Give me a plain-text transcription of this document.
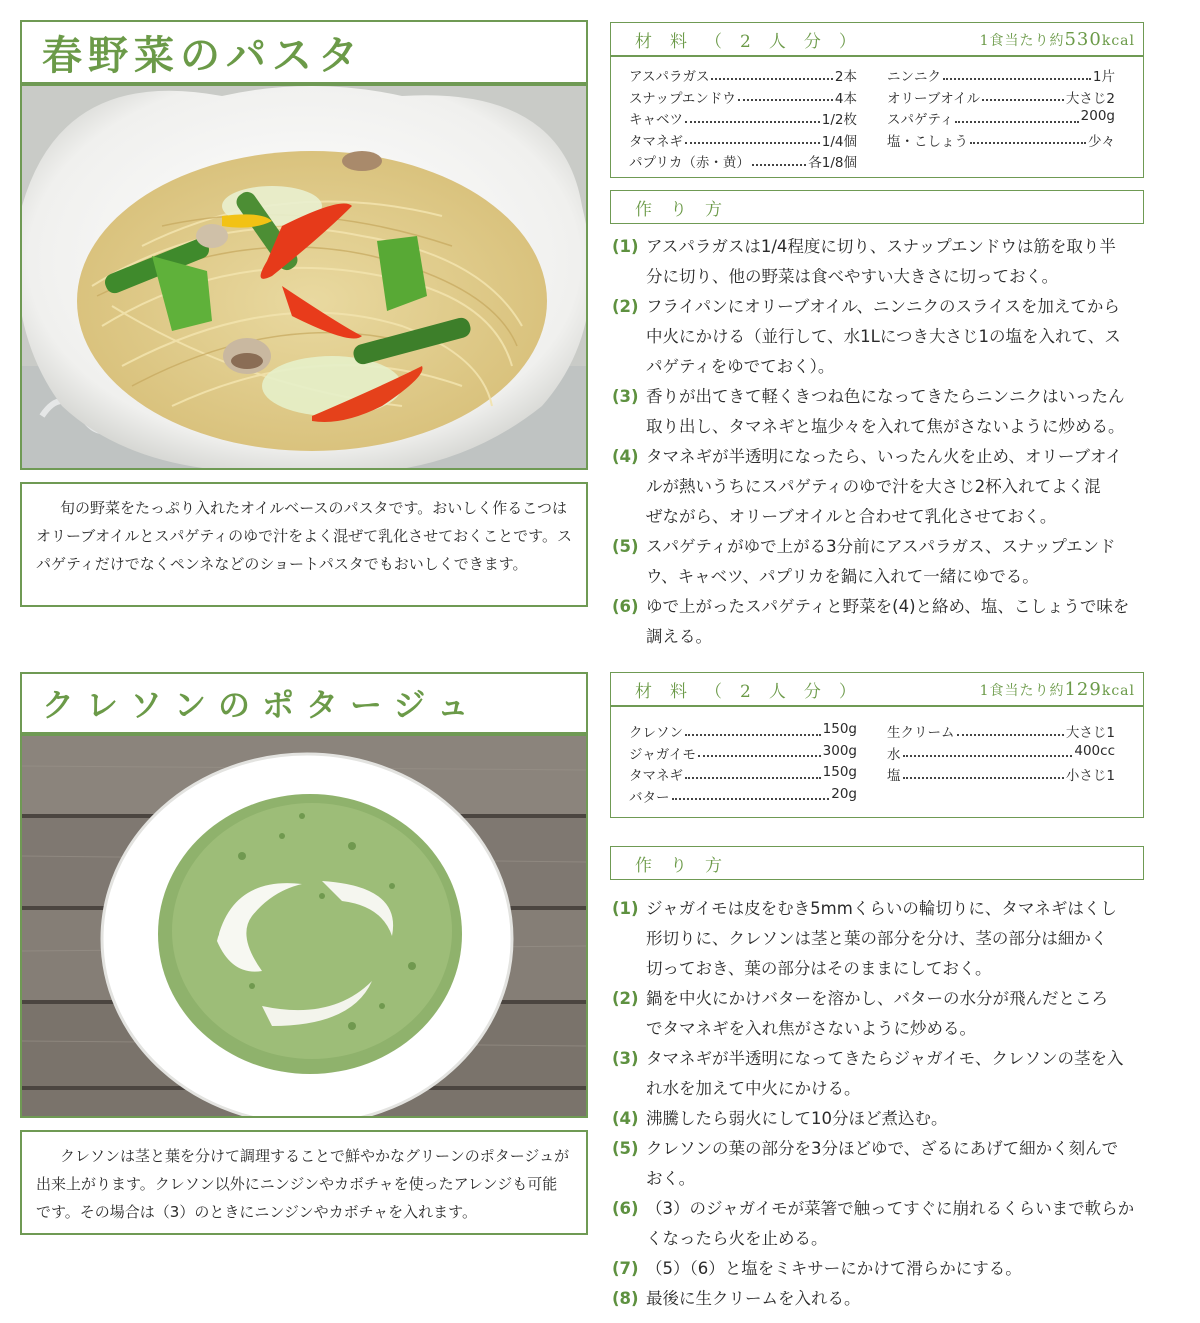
春野菜のパスタ

旬の野菜をたっぷり入れたオイルベースのパスタです。おいしく作るこつはオリーブオイルとスパゲティのゆで汁をよく混ぜて乳化させておくことです。スパゲティだけでなくペンネなどのショートパスタでもおいしくできます。

材料（2人分）	1食当たり約530kcal
アスパラガス	2本
スナップエンドウ	4本
キャベツ	1/2枚
タマネギ	1/4個
パプリカ（赤・黄）	各1/8個
ニンニク	1片
オリーブオイル	大さじ2
スパゲティ	200g
塩・こしょう	少々
作り方
(1) アスパラガスは1/4程度に切り、スナップエンドウは筋を取り半
分に切り、他の野菜は食べやすい大きさに切っておく。
(2) フライパンにオリーブオイル、ニンニクのスライスを加えてから
中火にかける（並行して、水1Lにつき大さじ1の塩を入れて、ス
パゲティをゆでておく）。
(3) 香りが出てきて軽くきつね色になってきたらニンニクはいったん
取り出し、タマネギと塩少々を入れて焦がさないように炒める。
(4) タマネギが半透明になったら、いったん火を止め、オリーブオイ
ルが熱いうちにスパゲティのゆで汁を大さじ2杯入れてよく混
ぜながら、オリーブオイルと合わせて乳化させておく。
(5) スパゲティがゆで上がる3分前にアスパラガス、スナップエンド
ウ、キャベツ、パプリカを鍋に入れて一緒にゆでる。
(6) ゆで上がったスパゲティと野菜を(4)と絡め、塩、こしょうで味を
調える。
クレソンのポタージュ

クレソンは茎と葉を分けて調理することで鮮やかなグリーンのポタージュが出来上がります。クレソン以外にニンジンやカボチャを使ったアレンジも可能です。その場合は（3）のときにニンジンやカボチャを入れます。

材料（2人分）	1食当たり約129kcal
クレソン	150g
ジャガイモ	300g
タマネギ	150g
バター	20g
生クリーム	大さじ1
水	400cc
塩	小さじ1
作り方
(1) ジャガイモは皮をむき5mmくらいの輪切りに、タマネギはくし
形切りに、クレソンは茎と葉の部分を分け、茎の部分は細かく
切っておき、葉の部分はそのままにしておく。
(2) 鍋を中火にかけバターを溶かし、バターの水分が飛んだところ
でタマネギを入れ焦がさないように炒める。
(3) タマネギが半透明になってきたらジャガイモ、クレソンの茎を入
れ水を加えて中火にかける。
(4) 沸騰したら弱火にして10分ほど煮込む。
(5) クレソンの葉の部分を3分ほどゆで、ざるにあげて細かく刻んで
おく。
(6) （3）のジャガイモが菜箸で触ってすぐに崩れるくらいまで軟らか
くなったら火を止める。
(7) （5）（6）と塩をミキサーにかけて滑らかにする。
(8) 最後に生クリームを入れる。
